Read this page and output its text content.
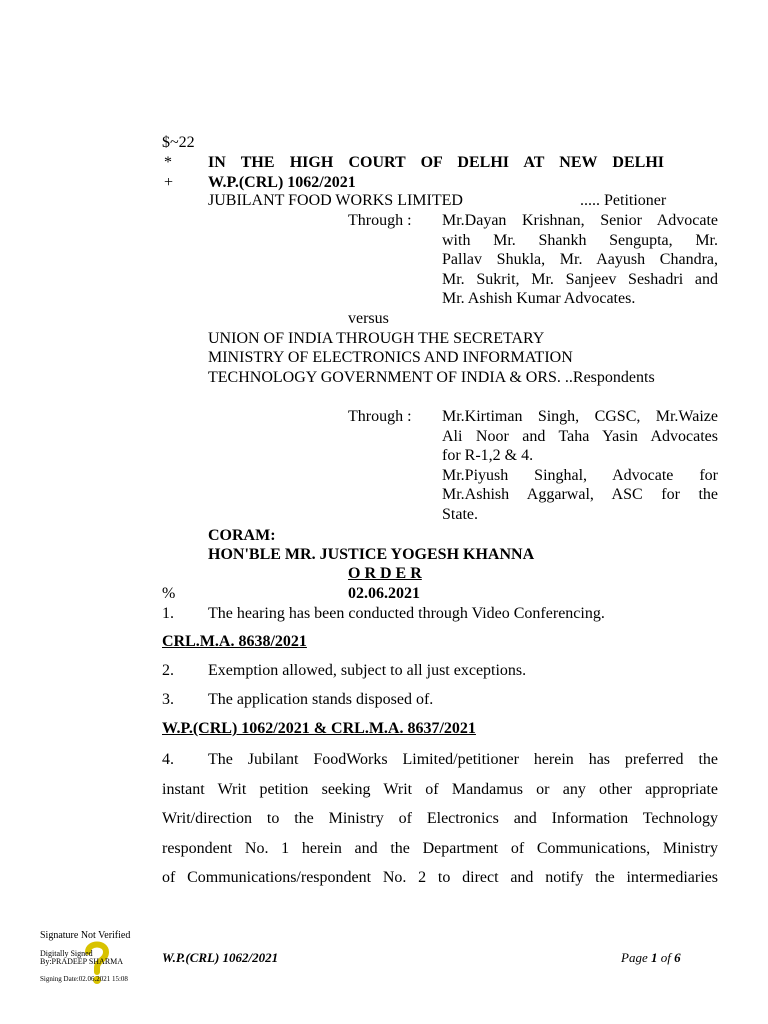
$~22
* IN THE HIGH COURT OF DELHI AT NEW DELHI
+ W.P.(CRL) 1062/2021
JUBILANT FOOD WORKS LIMITED	..... Petitioner
Through : Mr.Dayan Krishnan, Senior Advocate
with Mr. Shankh Sengupta, Mr.
Pallav Shukla, Mr. Aayush Chandra,
Mr. Sukrit, Mr. Sanjeev Seshadri and
Mr. Ashish Kumar Advocates.
versus
UNION OF INDIA THROUGH THE SECRETARY
MINISTRY OF ELECTRONICS AND INFORMATION
TECHNOLOGY GOVERNMENT OF INDIA & ORS. ..Respondents
Through : Mr.Kirtiman Singh, CGSC, Mr.Waize
Ali Noor and Taha Yasin Advocates
for R-1,2 & 4.
Mr.Piyush Singhal, Advocate for
Mr.Ashish Aggarwal, ASC for the
State.
CORAM:
HON'BLE MR. JUSTICE YOGESH KHANNA
O R D E R
%	02.06.2021
1. The hearing has been conducted through Video Conferencing.
CRL.M.A. 8638/2021
2. Exemption allowed, subject to all just exceptions.
3. The application stands disposed of.
W.P.(CRL) 1062/2021 & CRL.M.A. 8637/2021
4.	The Jubilant FoodWorks Limited/petitioner herein has preferred the
instant Writ petition seeking Writ of Mandamus or any other appropriate
Writ/direction to the Ministry of Electronics and Information Technology
respondent No. 1 herein and the Department of Communications, Ministry
of Communications/respondent No. 2 to direct and notify the intermediaries
Signature Not Verified
Digitally Signed
By:PRADEEP SHARMA
Signing Date:02.06.2021 15:08
W.P.(CRL) 1062/2021	Page 1 of 6
